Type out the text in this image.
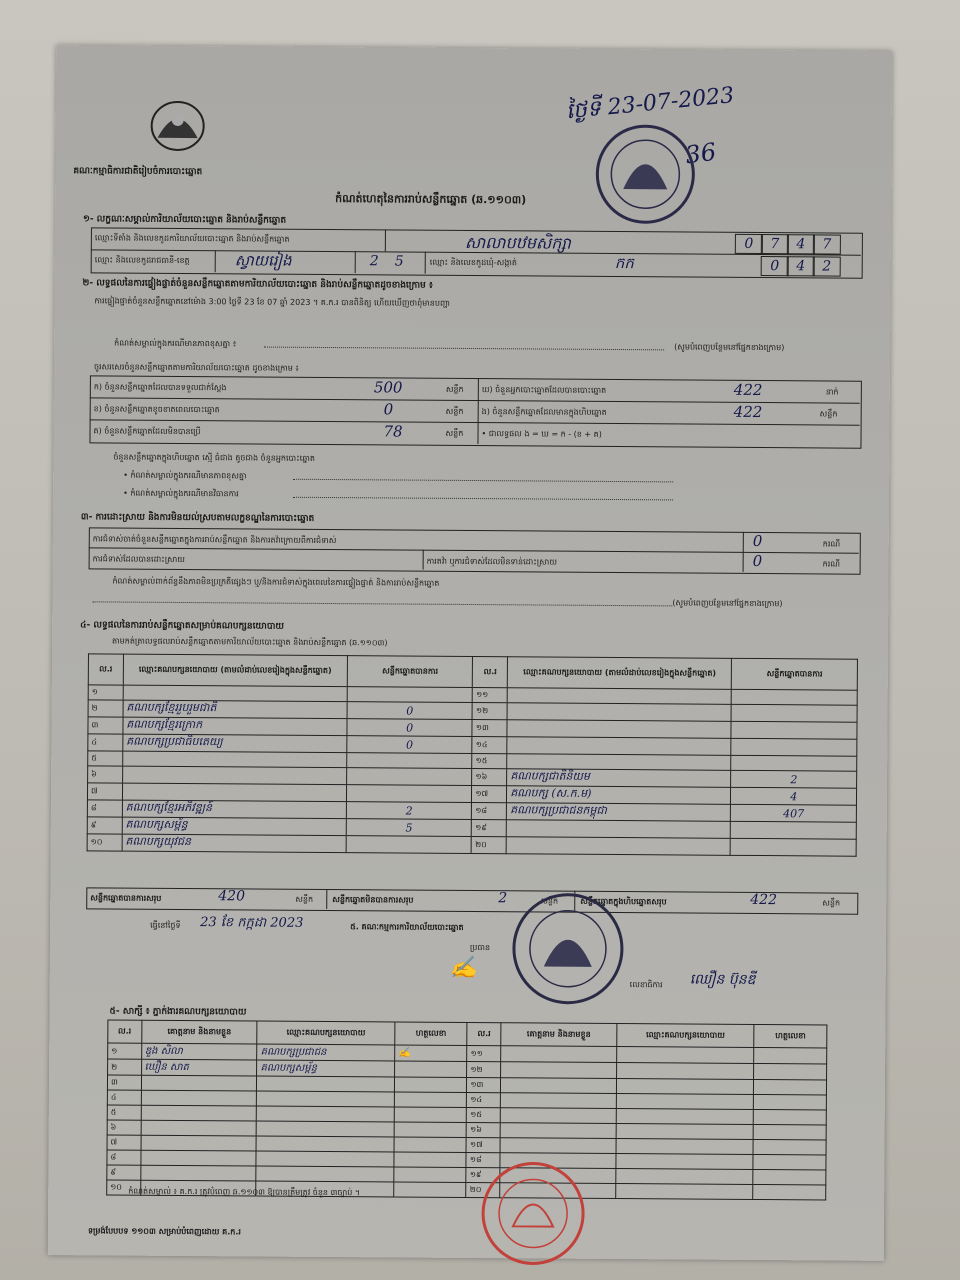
គណៈកម្មាធិការជាតិរៀបចំការបោះឆ្នោត
ថ្ងៃទី 23-07-2023
36
កំណត់ហេតុនៃការរាប់សន្លឹកឆ្នោត (ឆ.១១០៣)
១- លក្ខណៈសម្គាល់ការិយាល័យបោះឆ្នោត និងរាប់សន្លឹកឆ្នោត
ឈ្មោះទីតាំង និងលេខកូដការិយាល័យបោះឆ្នោត និងរាប់សន្លឹកឆ្នោត	សាលាបឋមសិក្សា	0	7	4	7
ឈ្មោះ និងលេខកូដរាជធានី-ខេត្ត	ស្វាយរៀង	2 5	ឈ្មោះ និងលេខកូដឃុំ-សង្កាត់	កក	0	4	2
២- លទ្ធផលនៃការផ្ទៀងផ្ទាត់ចំនួនសន្លឹកឆ្នោតតាមការិយាល័យបោះឆ្នោត និងរាប់សន្លឹកឆ្នោតដូចខាងក្រោម ៖
ការផ្ទៀងផ្ទាត់ចំនួនសន្លឹកឆ្នោតនៅម៉ោង 3:00 ថ្ងៃទី 23 ខែ 07 ឆ្នាំ 2023 ។ គ.ក.រ បានពិនិត្យ ហើយឃើញថាពុំមានបញ្ហា
កំណត់សម្គាល់ក្នុងករណីមានភាពខុសគ្នា ៖	(សូមបំពេញបន្ថែមនៅផ្នែកខាងក្រោម)
ចូរសរសេរចំនួនសន្លឹកឆ្នោតតាមការិយាល័យបោះឆ្នោត ដូចខាងក្រោម ៖
ក) ចំនួនសន្លឹកឆ្នោតដែលបានទទួលជាក់ស្តែង	500	សន្លឹក ឃ) ចំនួនអ្នកបោះឆ្នោតដែលបានបោះឆ្នោត	422	នាក់
ខ) ចំនួនសន្លឹកឆ្នោតខូចខាតពេលបោះឆ្នោត	0	សន្លឹក ង) ចំនួនសន្លឹកឆ្នោតដែលមានក្នុងហិបឆ្នោត	422	សន្លឹក
គ) ចំនួនសន្លឹកឆ្នោតដែលមិនបានប្រើ	78	សន្លឹក • ជាលទ្ធផល ង = ឃ = ក - (ខ + គ)
ចំនួនសន្លឹកឆ្នោតក្នុងហិបឆ្នោត ស្មើ ធំជាង តូចជាង ចំនួនអ្នកបោះឆ្នោត
• កំណត់សម្គាល់ក្នុងករណីមានភាពខុសគ្នា
• កំណត់សម្គាល់ក្នុងករណីមានវិធានការ
៣- ការដោះស្រាយ និងការមិនយល់ស្របតាមលក្ខខណ្ឌនៃការបោះឆ្នោត
ការជំទាស់ចាត់ចំនួនសន្លឹកឆ្នោតក្នុងការរាប់សន្លឹកឆ្នោត និងការតវ៉ាក្រោយពីការជំទាស់	0	ករណី
ការជំទាស់ដែលបានដោះស្រាយ	ការតវ៉ា ឬការជំទាស់ដែលមិនទាន់ដោះស្រាយ	0	ករណី
កំណត់សម្គាល់ពាក់ព័ន្ធនឹងភាពមិនប្រក្រតីផ្សេងៗ ឬ/និងការជំទាស់ក្នុងពេលនៃការផ្ទៀងផ្ទាត់ និងការរាប់សន្លឹកឆ្នោត
(សូមបំពេញបន្ថែមនៅផ្នែកខាងក្រោម)
៤- លទ្ធផលនៃការរាប់សន្លឹកឆ្នោតសម្រាប់គណបក្សនយោបាយ
តាមកត់ត្រាលទ្ធផលរាប់សន្លឹកឆ្នោតតាមការិយាល័យបោះឆ្នោត និងរាប់សន្លឹកឆ្នោត (ឆ.១១០៣)
ល.រ	ឈ្មោះគណបក្សនយោបាយ (តាមលំដាប់លេខរៀងក្នុងសន្លឹកឆ្នោត)	សន្លឹកឆ្នោតបានការ	ល.រ	ឈ្មោះគណបក្សនយោបាយ (តាមលំដាប់លេខរៀងក្នុងសន្លឹកឆ្នោត)	សន្លឹកឆ្នោតបានការ
១			១១		
២	គណបក្សខ្មែររួបរួមជាតិ	0	១២		
៣	គណបក្សខ្មែរក្រោក	0	១៣		
៤	គណបក្សប្រជាធិបតេយ្យ	0	១៤		
៥			១៥		
៦			១៦	គណបក្សជាតិនិយម	2
៧			១៧	គណបក្ស (ស.ក.ម)	4
៨	គណបក្សខ្មែរអភិវឌ្ឍន៍	2	១៨	គណបក្សប្រជាជនកម្ពុជា	407
៩	គណបក្សសម្ព័ន្ធ	5	១៩		
១០	គណបក្សយុវជន		២០		
សន្លឹកឆ្នោតបានការសរុប	420	សន្លឹក សន្លឹកឆ្នោតមិនបានការសរុប	2	សន្លឹក	សន្លឹកឆ្នោតក្នុងហិបឆ្នោតសរុប	422	សន្លឹក
ធ្វើនៅថ្ងៃទី 23 ខែ កក្កដា 2023	៥. គណៈកម្មការការិយាល័យបោះឆ្នោត
ប្រធាន
✍
លេខាធិការ ឈឿន ប៊ុនឌី
៥- សាក្សី ៖ ភ្នាក់ងារគណបក្សនយោបាយ
ល.រ	គោត្តនាម និងនាមខ្លួន	ឈ្មោះគណបក្សនយោបាយ	ហត្ថលេខា	ល.រ	គោត្តនាម និងនាមខ្លួន	ឈ្មោះគណបក្សនយោបាយ	ហត្ថលេខា
១	ឌួង សិលា	គណបក្សប្រជាជន	✍	១១			
២	ឃឿន សាត	គណបក្សសម្ព័ន្ធ		១២			
៣				១៣			
៤				១៤			
៥				១៥			
៦				១៦			
៧				១៧			
៨				១៨			
៩				១៩			
១០				២០			
កំណត់សម្គាល់ ៖ គ.ក.រ ត្រូវបំពេញ ឆ.១១០៣ ឱ្យបានត្រឹមត្រូវ ចំនួន ៣ច្បាប់ ។
ទម្រង់បែបបទ ១១០៣ សម្រាប់បំពេញដោយ គ.ក.រ
